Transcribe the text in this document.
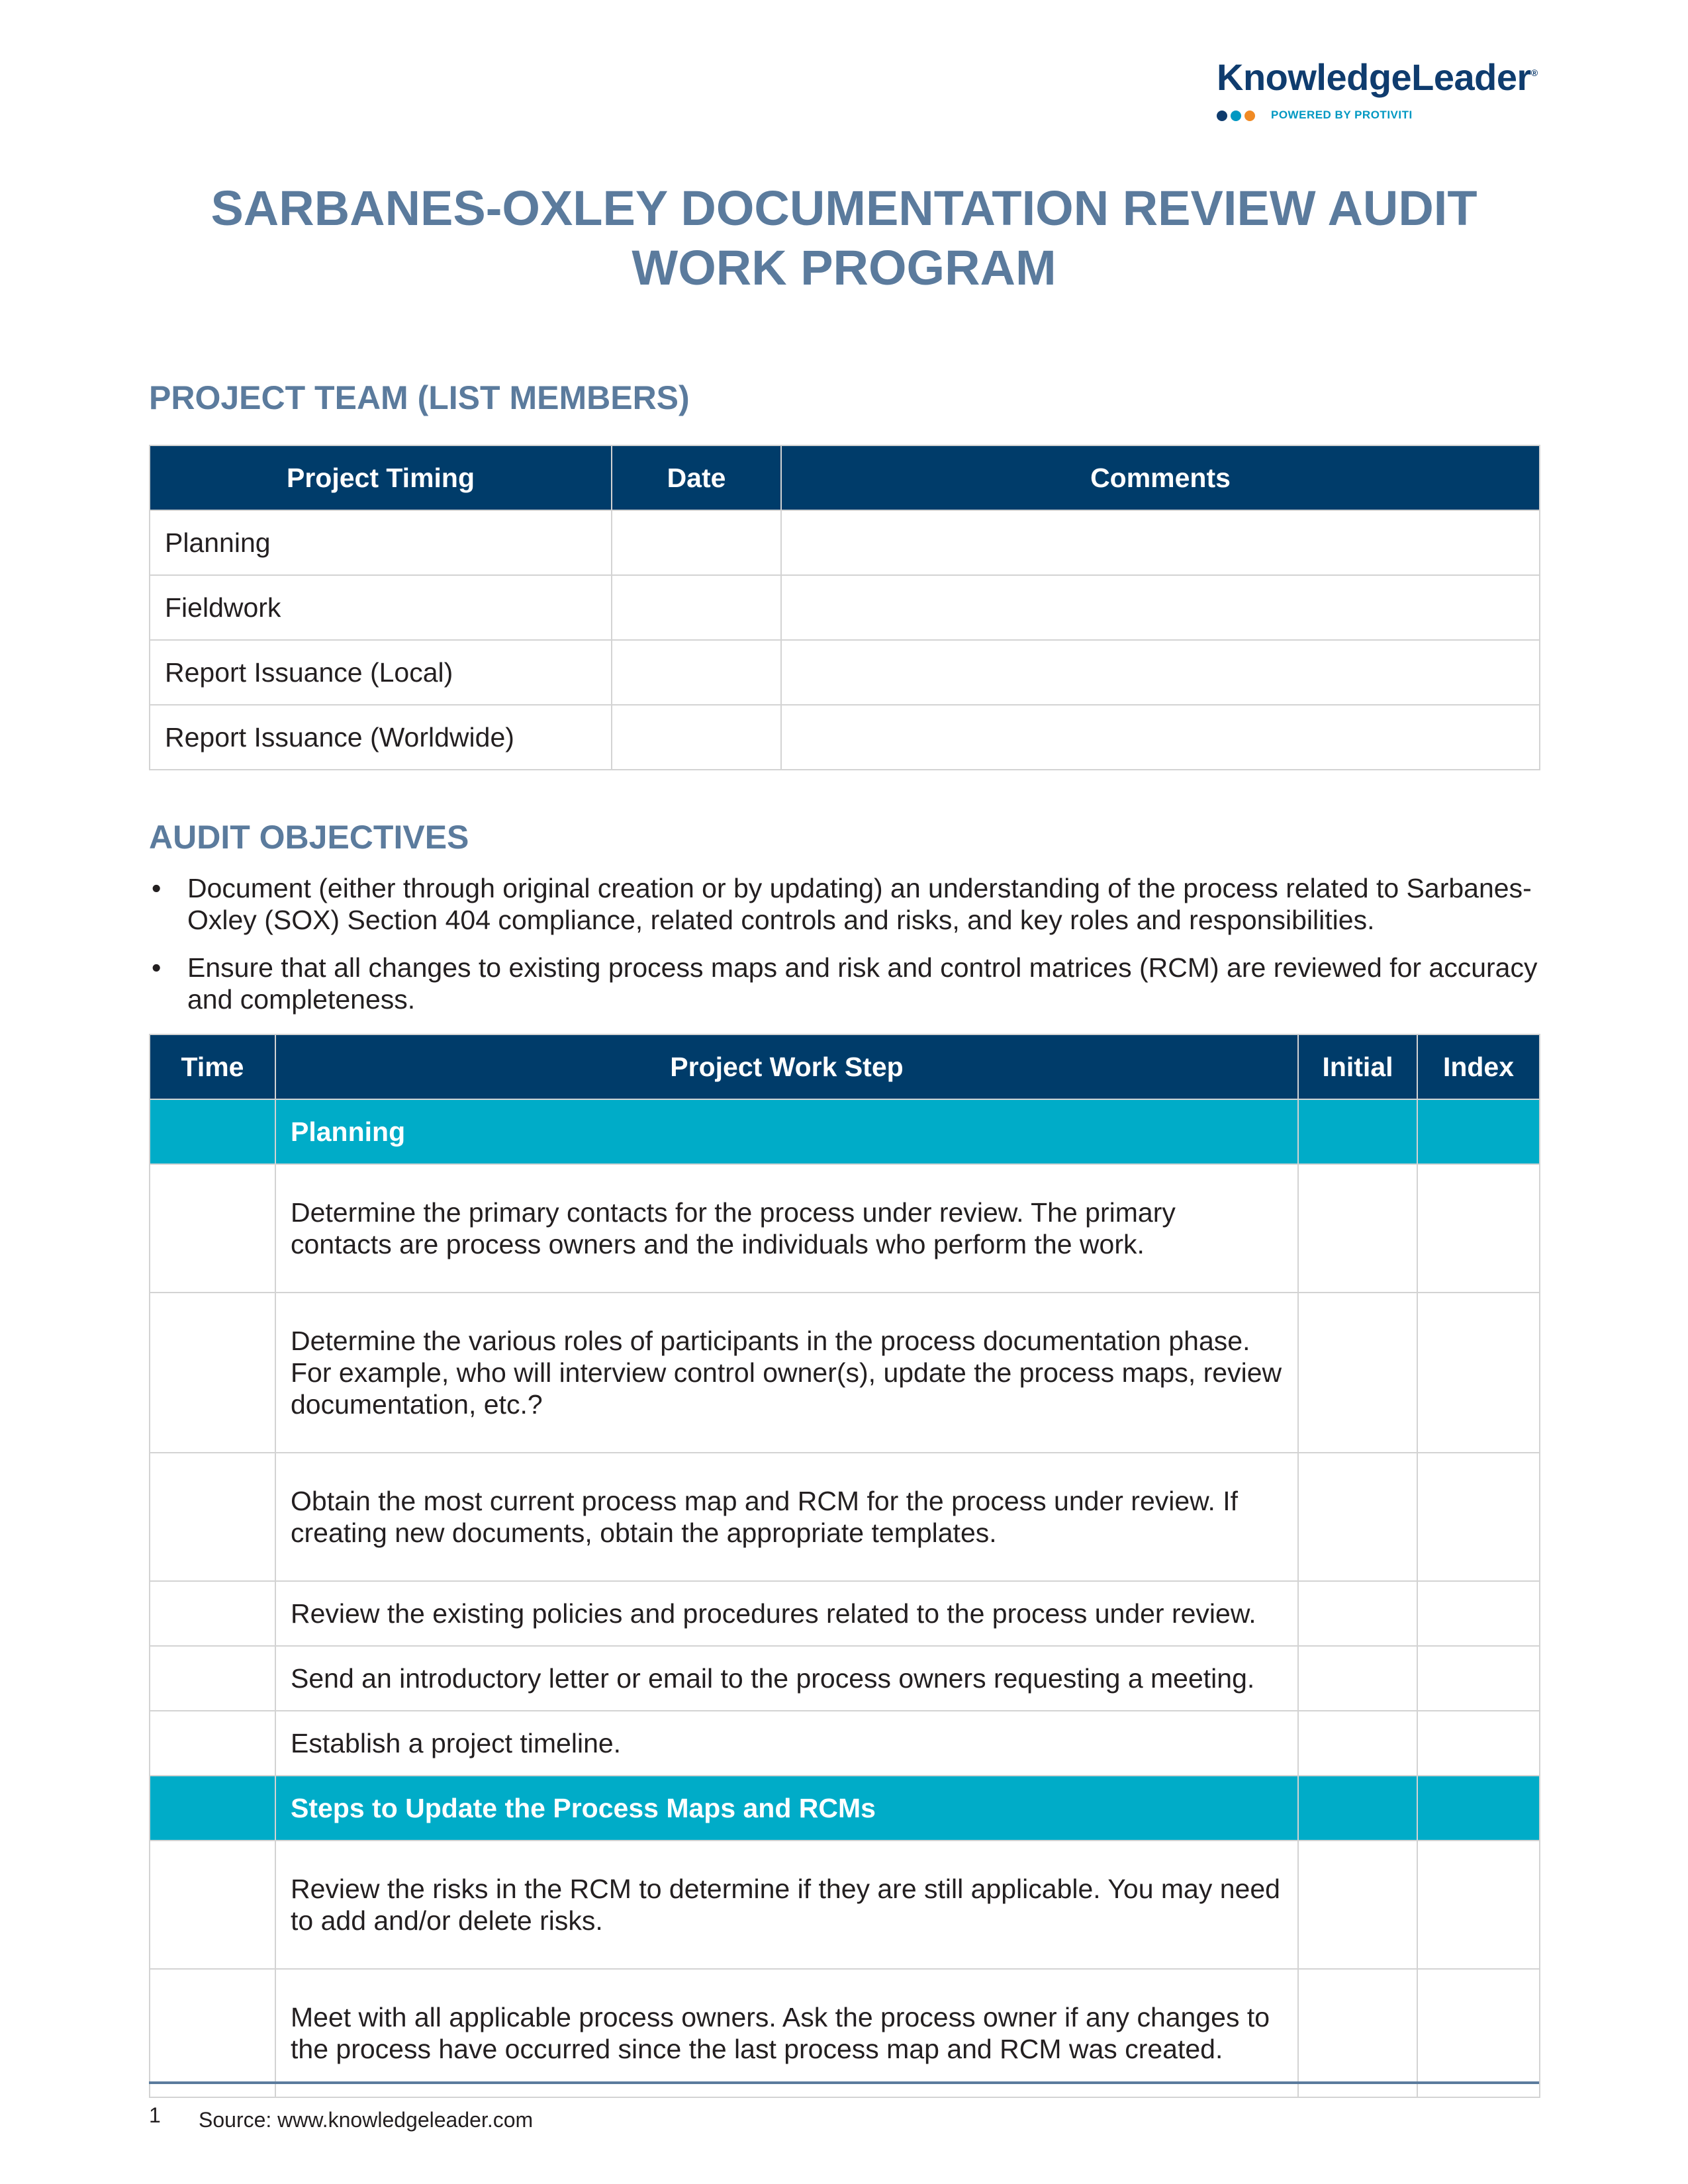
KnowledgeLeader®
POWERED BY PROTIVITI
SARBANES-OXLEY DOCUMENTATION REVIEW AUDIT WORK PROGRAM
PROJECT TEAM (LIST MEMBERS)
Project Timing	Date	Comments
Planning		
Fieldwork		
Report Issuance (Local)		
Report Issuance (Worldwide)		
AUDIT OBJECTIVES
• Document (either through original creation or by updating) an understanding of the process related to Sarbanes-Oxley (SOX) Section 404 compliance, related controls and risks, and key roles and responsibilities.
• Ensure that all changes to existing process maps and risk and control matrices (RCM) are reviewed for accuracy and completeness.
Time	Project Work Step	Initial	Index
	Planning		
	Determine the primary contacts for the process under review. The primary contacts are process owners and the individuals who perform the work.		
	Determine the various roles of participants in the process documentation phase. For example, who will interview control owner(s), update the process maps, review documentation, etc.?		
	Obtain the most current process map and RCM for the process under review. If creating new documents, obtain the appropriate templates.		
	Review the existing policies and procedures related to the process under review.		
	Send an introductory letter or email to the process owners requesting a meeting.		
	Establish a project timeline.		
	Steps to Update the Process Maps and RCMs		
	Review the risks in the RCM to determine if they are still applicable. You may need to add and/or delete risks.		
	Meet with all applicable process owners. Ask the process owner if any changes to the process have occurred since the last process map and RCM was created.		
1 Source: www.knowledgeleader.com
